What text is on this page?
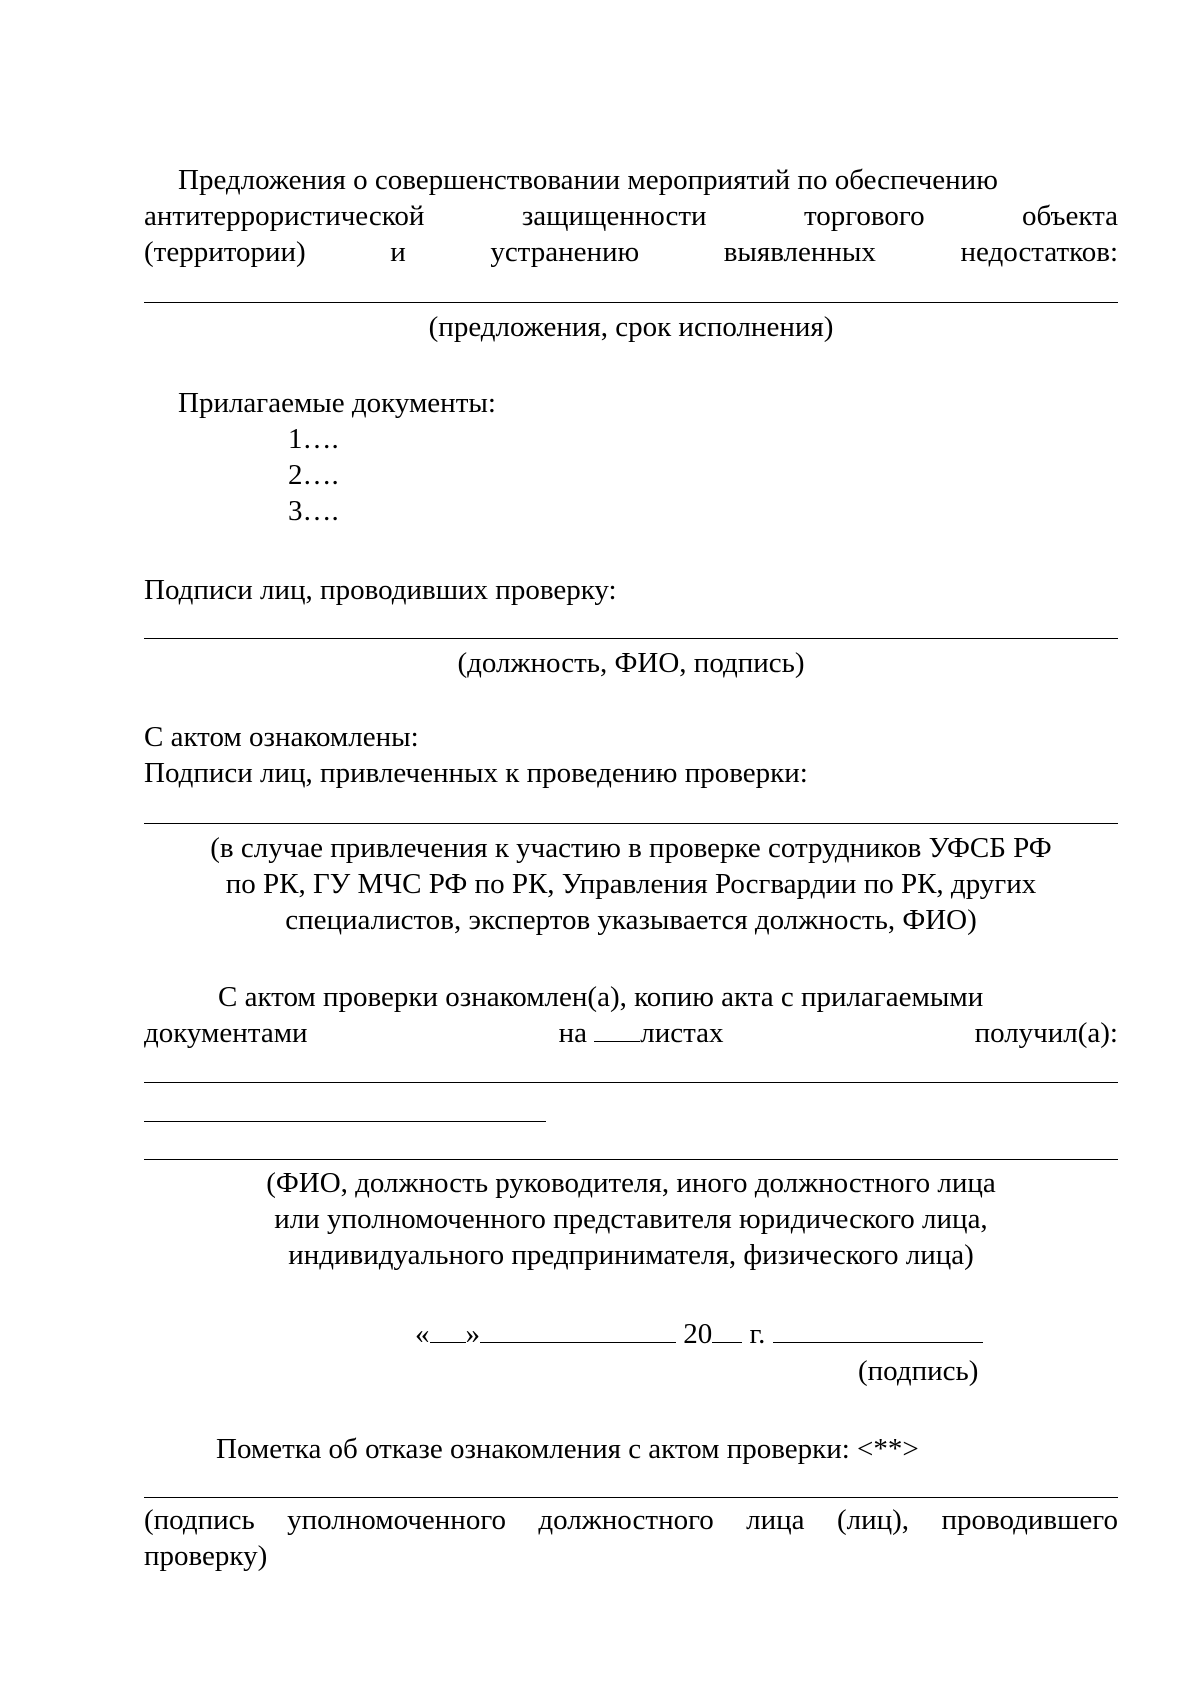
Предложения о совершенствовании мероприятий по обеспечению
антитеррористической	защищенности	торгового	объекта
(территории)	и	устранению	выявленных	недостатков:
(предложения, срок исполнения)
Прилагаемые документы:
1….
2….
3….
Подписи лиц, проводивших проверку:
(должность, ФИО, подпись)
С актом ознакомлены:
Подписи лиц, привлеченных к проведению проверки:
(в случае привлечения к участию в проверке сотрудников УФСБ РФ
по РК, ГУ МЧС РФ по РК, Управления Росгвардии по РК, других
специалистов, экспертов указывается должность, ФИО)
С актом проверки ознакомлен(а), копию акта с прилагаемыми
документами	на листах	получил(а):
(ФИО, должность руководителя, иного должностного лица
или уполномоченного представителя юридического лица,
индивидуального предпринимателя, физического лица)
« »	20 г.
(подпись)
Пометка об отказе ознакомления с актом проверки: <**>
(подпись уполномоченного должностного лица (лиц), проводившего
проверку)
